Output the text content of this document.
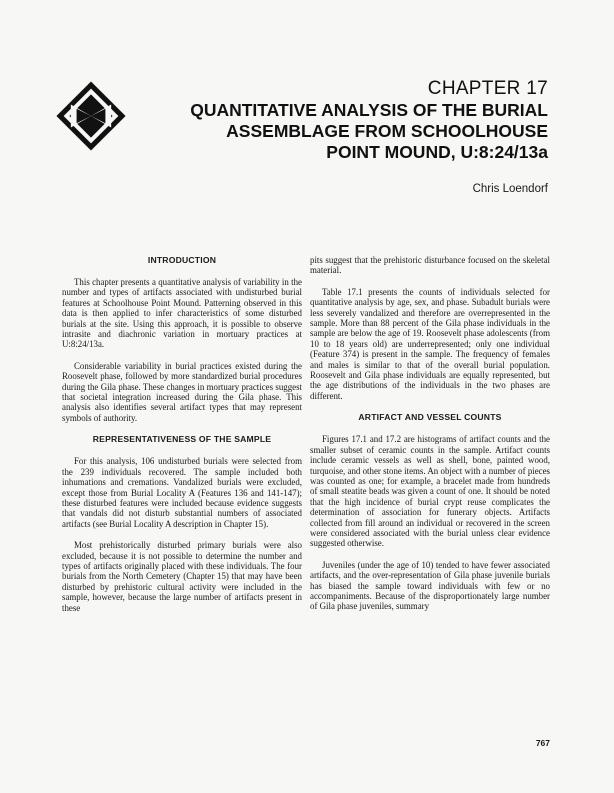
CHAPTER 17
QUANTITATIVE ANALYSIS OF THE BURIAL
ASSEMBLAGE FROM SCHOOLHOUSE
POINT MOUND, U:8:24/13a
Chris Loendorf
INTRODUCTION

This chapter presents a quantitative analysis of variability in the number and types of artifacts associated with undisturbed burial features at Schoolhouse Point Mound. Patterning observed in this data is then applied to infer characteristics of some disturbed burials at the site. Using this approach, it is possible to observe intrasite and diachronic variation in mortuary practices at U:8:24/13a.

Considerable variability in burial practices existed during the Roosevelt phase, followed by more standardized burial procedures during the Gila phase. These changes in mortuary practices suggest that societal integration increased during the Gila phase. This analysis also identifies several artifact types that may represent symbols of authority.

REPRESENTATIVENESS OF THE SAMPLE

For this analysis, 106 undisturbed burials were selected from the 239 individuals recovered. The sample included both inhumations and cremations. Vandalized burials were excluded, except those from Burial Locality A (Features 136 and 141-147); these disturbed features were included because evidence suggests that vandals did not disturb substantial numbers of associated artifacts (see Burial Locality A description in Chapter 15).

Most prehistorically disturbed primary burials were also excluded, because it is not possible to determine the number and types of artifacts originally placed with these individuals. The four burials from the North Cemetery (Chapter 15) that may have been disturbed by prehistoric cultural activity were included in the sample, however, because the large number of artifacts present in these

pits suggest that the prehistoric disturbance focused on the skeletal material.

Table 17.1 presents the counts of individuals selected for quantitative analysis by age, sex, and phase. Subadult burials were less severely vandalized and therefore are overrepresented in the sample. More than 88 percent of the Gila phase individuals in the sample are below the age of 19. Roosevelt phase adolescents (from 10 to 18 years old) are underrepresented; only one individual (Feature 374) is present in the sample. The frequency of females and males is similar to that of the overall burial population. Roosevelt and Gila phase individuals are equally represented, but the age distributions of the individuals in the two phases are different.

ARTIFACT AND VESSEL COUNTS

Figures 17.1 and 17.2 are histograms of artifact counts and the smaller subset of ceramic counts in the sample. Artifact counts include ceramic vessels as well as shell, bone, painted wood, turquoise, and other stone items. An object with a number of pieces was counted as one; for example, a bracelet made from hundreds of small steatite beads was given a count of one. It should be noted that the high incidence of burial crypt reuse complicates the determination of association for funerary objects. Artifacts collected from fill around an individual or recovered in the screen were considered associated with the burial unless clear evidence suggested otherwise.

Juveniles (under the age of 10) tended to have fewer associated artifacts, and the over-representation of Gila phase juvenile burials has biased the sample toward individuals with few or no accompaniments. Because of the disproportionately large number of Gila phase juveniles, summary

767
